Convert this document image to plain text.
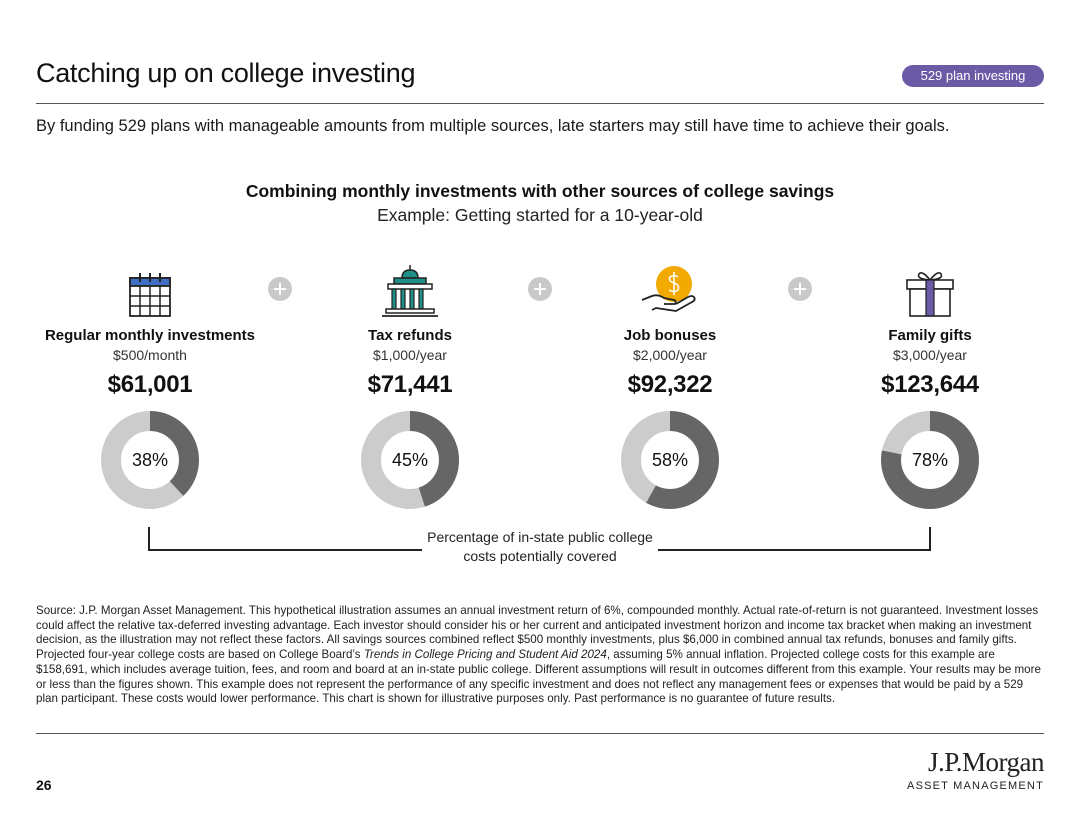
Catching up on college investing	529 plan investing
By funding 529 plans with manageable amounts from multiple sources, late starters may still have time to achieve their goals.
Combining monthly investments with other sources of college savings
Example: Getting started for a 10-year-old
Regular monthly investments
$500/month
$61,001
38%
Tax refunds
$1,000/year
$71,441
45%
Job bonuses
$2,000/year
$92,322
58%
Family gifts
$3,000/year
$123,644
78%
Percentage of in-state public college costs potentially covered
Source: J.P. Morgan Asset Management. This hypothetical illustration assumes an annual investment return of 6%, compounded monthly. Actual rate-of-return is not guaranteed. Investment losses could affect the relative tax-deferred investing advantage. Each investor should consider his or her current and anticipated investment horizon and income tax bracket when making an investment decision, as the illustration may not reflect these factors. All savings sources combined reflect $500 monthly investments, plus $6,000 in combined annual tax refunds, bonuses and family gifts. Projected four-year college costs are based on College Board’s Trends in College Pricing and Student Aid 2024, assuming 5% annual inflation. Projected college costs for this example are $158,691, which includes average tuition, fees, and room and board at an in-state public college. Different assumptions will result in outcomes different from this example. Your results may be more or less than the figures shown. This example does not represent the performance of any specific investment and does not reflect any management fees or expenses that would be paid by a 529 plan participant. These costs would lower performance. This chart is shown for illustrative purposes only. Past performance is no guarantee of future results.
26
J.P.Morgan
ASSET MANAGEMENT
